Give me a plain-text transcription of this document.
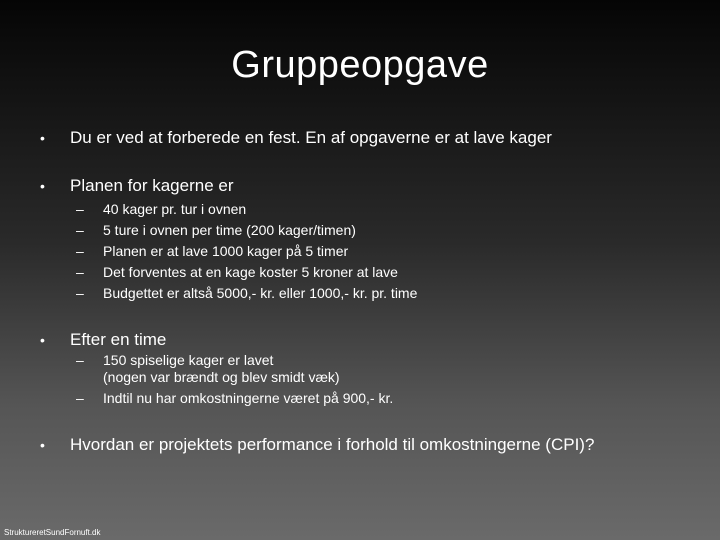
Gruppeopgave
• Du er ved at forberede en fest. En af opgaverne er at lave kager
• Planen for kagerne er
– 40 kager pr. tur i ovnen
– 5 ture i ovnen per time (200 kager/timen)
– Planen er at lave 1000 kager på 5 timer
– Det forventes at en kage koster 5 kroner at lave
– Budgettet er altså 5000,- kr. eller 1000,- kr. pr. time
• Efter en time
– 150 spiselige kager er lavet
(nogen var brændt og blev smidt væk)
– Indtil nu har omkostningerne været på 900,- kr.
• Hvordan er projektets performance i forhold til omkostningerne (CPI)?
StruktureretSundFornuft.dk
